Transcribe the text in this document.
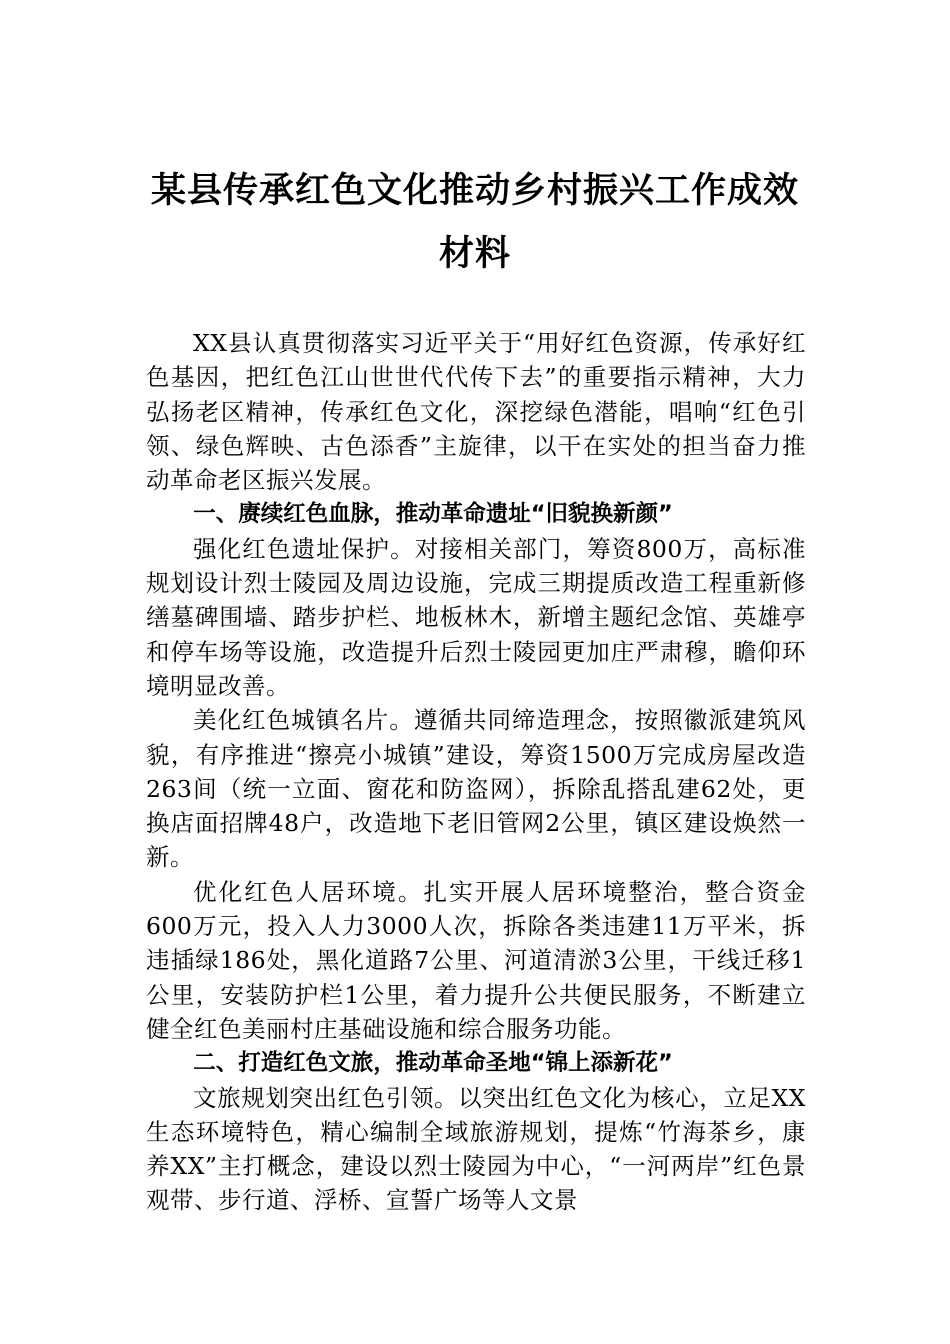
某县传承红色文化推动乡村振兴工作成效

材料

XX县认真贯彻落实习近平关于“用好红色资源，传承好红色基因，把红色江山世世代代传下去”的重要指示精神，大力弘扬老区精神，传承红色文化，深挖绿色潜能，唱响“红色引领、绿色辉映、古色添香”主旋律，以干在实处的担当奋力推动革命老区振兴发展。

一、赓续红色血脉，推动革命遗址“旧貌换新颜”

强化红色遗址保护。对接相关部门，筹资800万，高标准规划设计烈士陵园及周边设施，完成三期提质改造工程重新修缮墓碑围墙、踏步护栏、地板林木，新增主题纪念馆、英雄亭和停车场等设施，改造提升后烈士陵园更加庄严肃穆，瞻仰环境明显改善。

美化红色城镇名片。遵循共同缔造理念，按照徽派建筑风貌，有序推进“擦亮小城镇”建设，筹资1500万完成房屋改造263间（统一立面、窗花和防盗网），拆除乱搭乱建62处，更换店面招牌48户，改造地下老旧管网2公里，镇区建设焕然一新。

优化红色人居环境。扎实开展人居环境整治，整合资金600万元，投入人力3000人次，拆除各类违建11万平米，拆违插绿186处，黑化道路7公里、河道清淤3公里，干线迁移1公里，安装防护栏1公里，着力提升公共便民服务，不断建立健全红色美丽村庄基础设施和综合服务功能。

二、打造红色文旅，推动革命圣地“锦上添新花”

文旅规划突出红色引领。以突出红色文化为核心，立足XX生态环境特色，精心编制全域旅游规划，提炼“竹海茶乡，康养XX”主打概念，建设以烈士陵园为中心，“一河两岸”红色景观带、步行道、浮桥、宣誓广场等人文景
